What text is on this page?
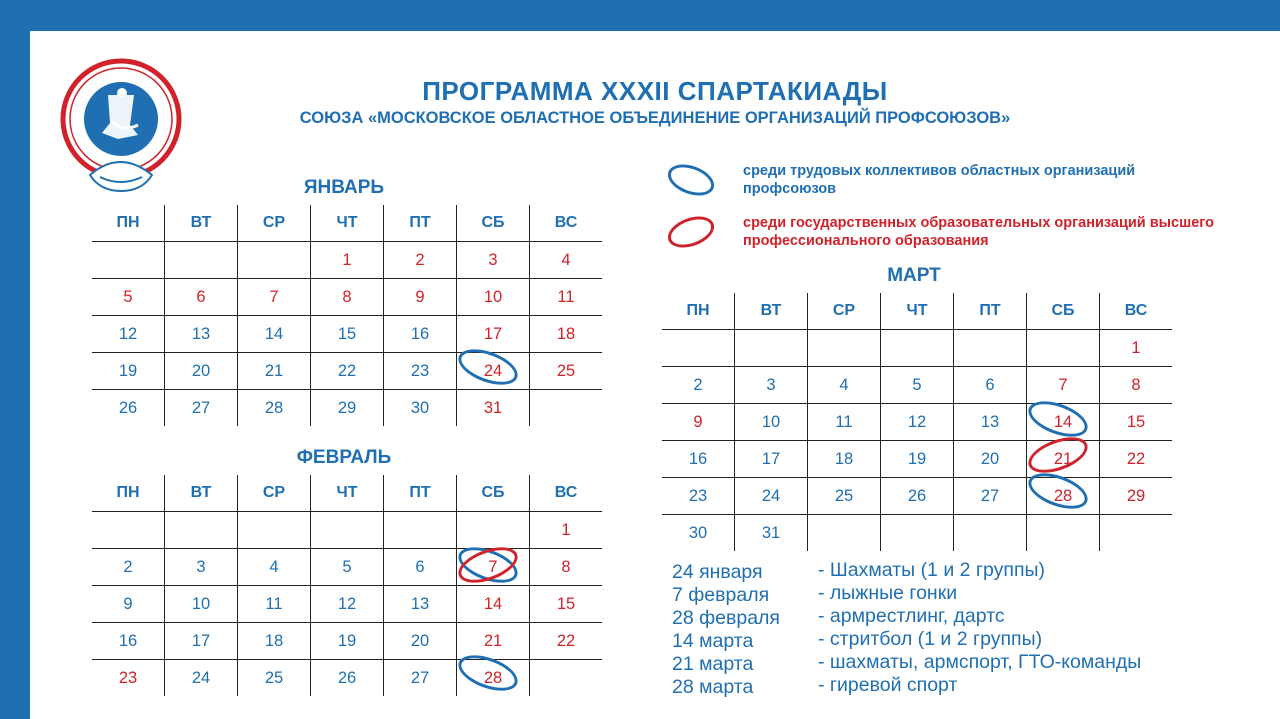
ПРОГРАММА XXXII СПАРТАКИАДЫ
СОЮЗА «МОСКОВСКОЕ ОБЛАСТНОЕ ОБЪЕДИНЕНИЕ ОРГАНИЗАЦИЙ ПРОФСОЮЗОВ»
ЯНВАРЬ
ПН	ВТ	СР	ЧТ	ПТ	СБ	ВС
			1	2	3	4
5	6	7	8	9	10	11
12	13	14	15	16	17	18
19	20	21	22	23	24	25
26	27	28	29	30	31	
ФЕВРАЛЬ
ПН	ВТ	СР	ЧТ	ПТ	СБ	ВС
						1
2	3	4	5	6	7	8
9	10	11	12	13	14	15
16	17	18	19	20	21	22
23	24	25	26	27	28	
МАРТ
ПН	ВТ	СР	ЧТ	ПТ	СБ	ВС
						1
2	3	4	5	6	7	8
9	10	11	12	13	14	15
16	17	18	19	20	21	22
23	24	25	26	27	28	29
30	31					
среди трудовых коллективов областных организаций профсоюзов
среди государственных образовательных организаций высшего профессионального образования
24 января	- Шахматы (1 и 2 группы)
7 февраля	- лыжные гонки
28 февраля - армрестлинг, дартс
14 марта	- стритбол (1 и 2 группы)
21 марта	- шахматы, армспорт, ГТО-команды
28 марта	- гиревой спорт
